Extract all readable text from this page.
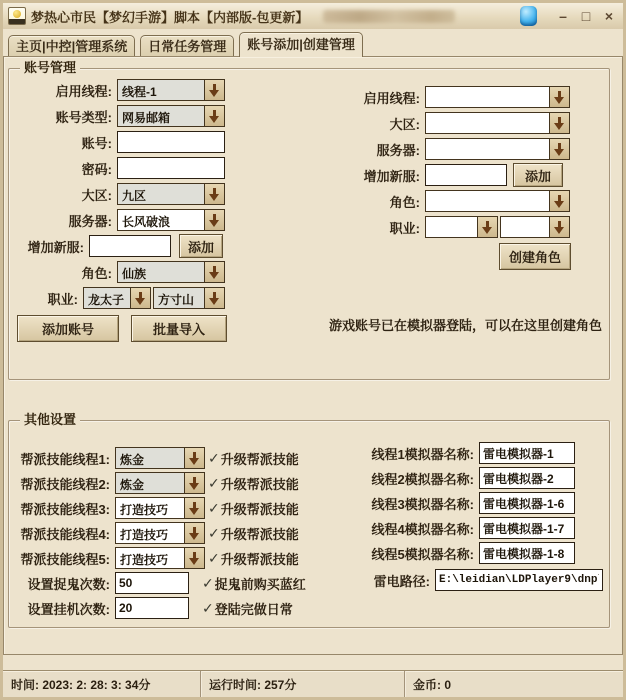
梦热心市民【梦幻手游】脚本【内部版-包更新】	–	□	×
主页|中控|管理系统	日常任务管理	账号添加|创建管理
账号管理
启用线程: 线程-1
账号类型: 网易邮箱
账号:
密码:
大区: 九区
服务器: 长风破浪
增加新服:	添加
角色: 仙族
职业: 龙太子	方寸山
添加账号	批量导入
启用线程:
大区:
服务器:
增加新服:	添加
角色:
职业:
创建角色
游戏账号已在模拟器登陆，可以在这里创建角色
其他设置
帮派技能线程1: 炼金	✓ 升级帮派技能
帮派技能线程2: 炼金	✓ 升级帮派技能
帮派技能线程3: 打造技巧	✓ 升级帮派技能
帮派技能线程4: 打造技巧	✓ 升级帮派技能
帮派技能线程5: 打造技巧	✓ 升级帮派技能
设置捉鬼次数:
50	✓ 捉鬼前购买蓝红
设置挂机次数:
20	✓ 登陆完做日常
线程1模拟器名称:
雷电模拟器-1
线程2模拟器名称:
雷电模拟器-2
线程3模拟器名称:
雷电模拟器-1-6
线程4模拟器名称:
雷电模拟器-1-7
线程5模拟器名称:
雷电模拟器-1-8
雷电路径:
E:\leidian\LDPlayer9\dnplay
时间: 2023: 2: 28: 3: 34分	运行时间: 257分	金币: 0
